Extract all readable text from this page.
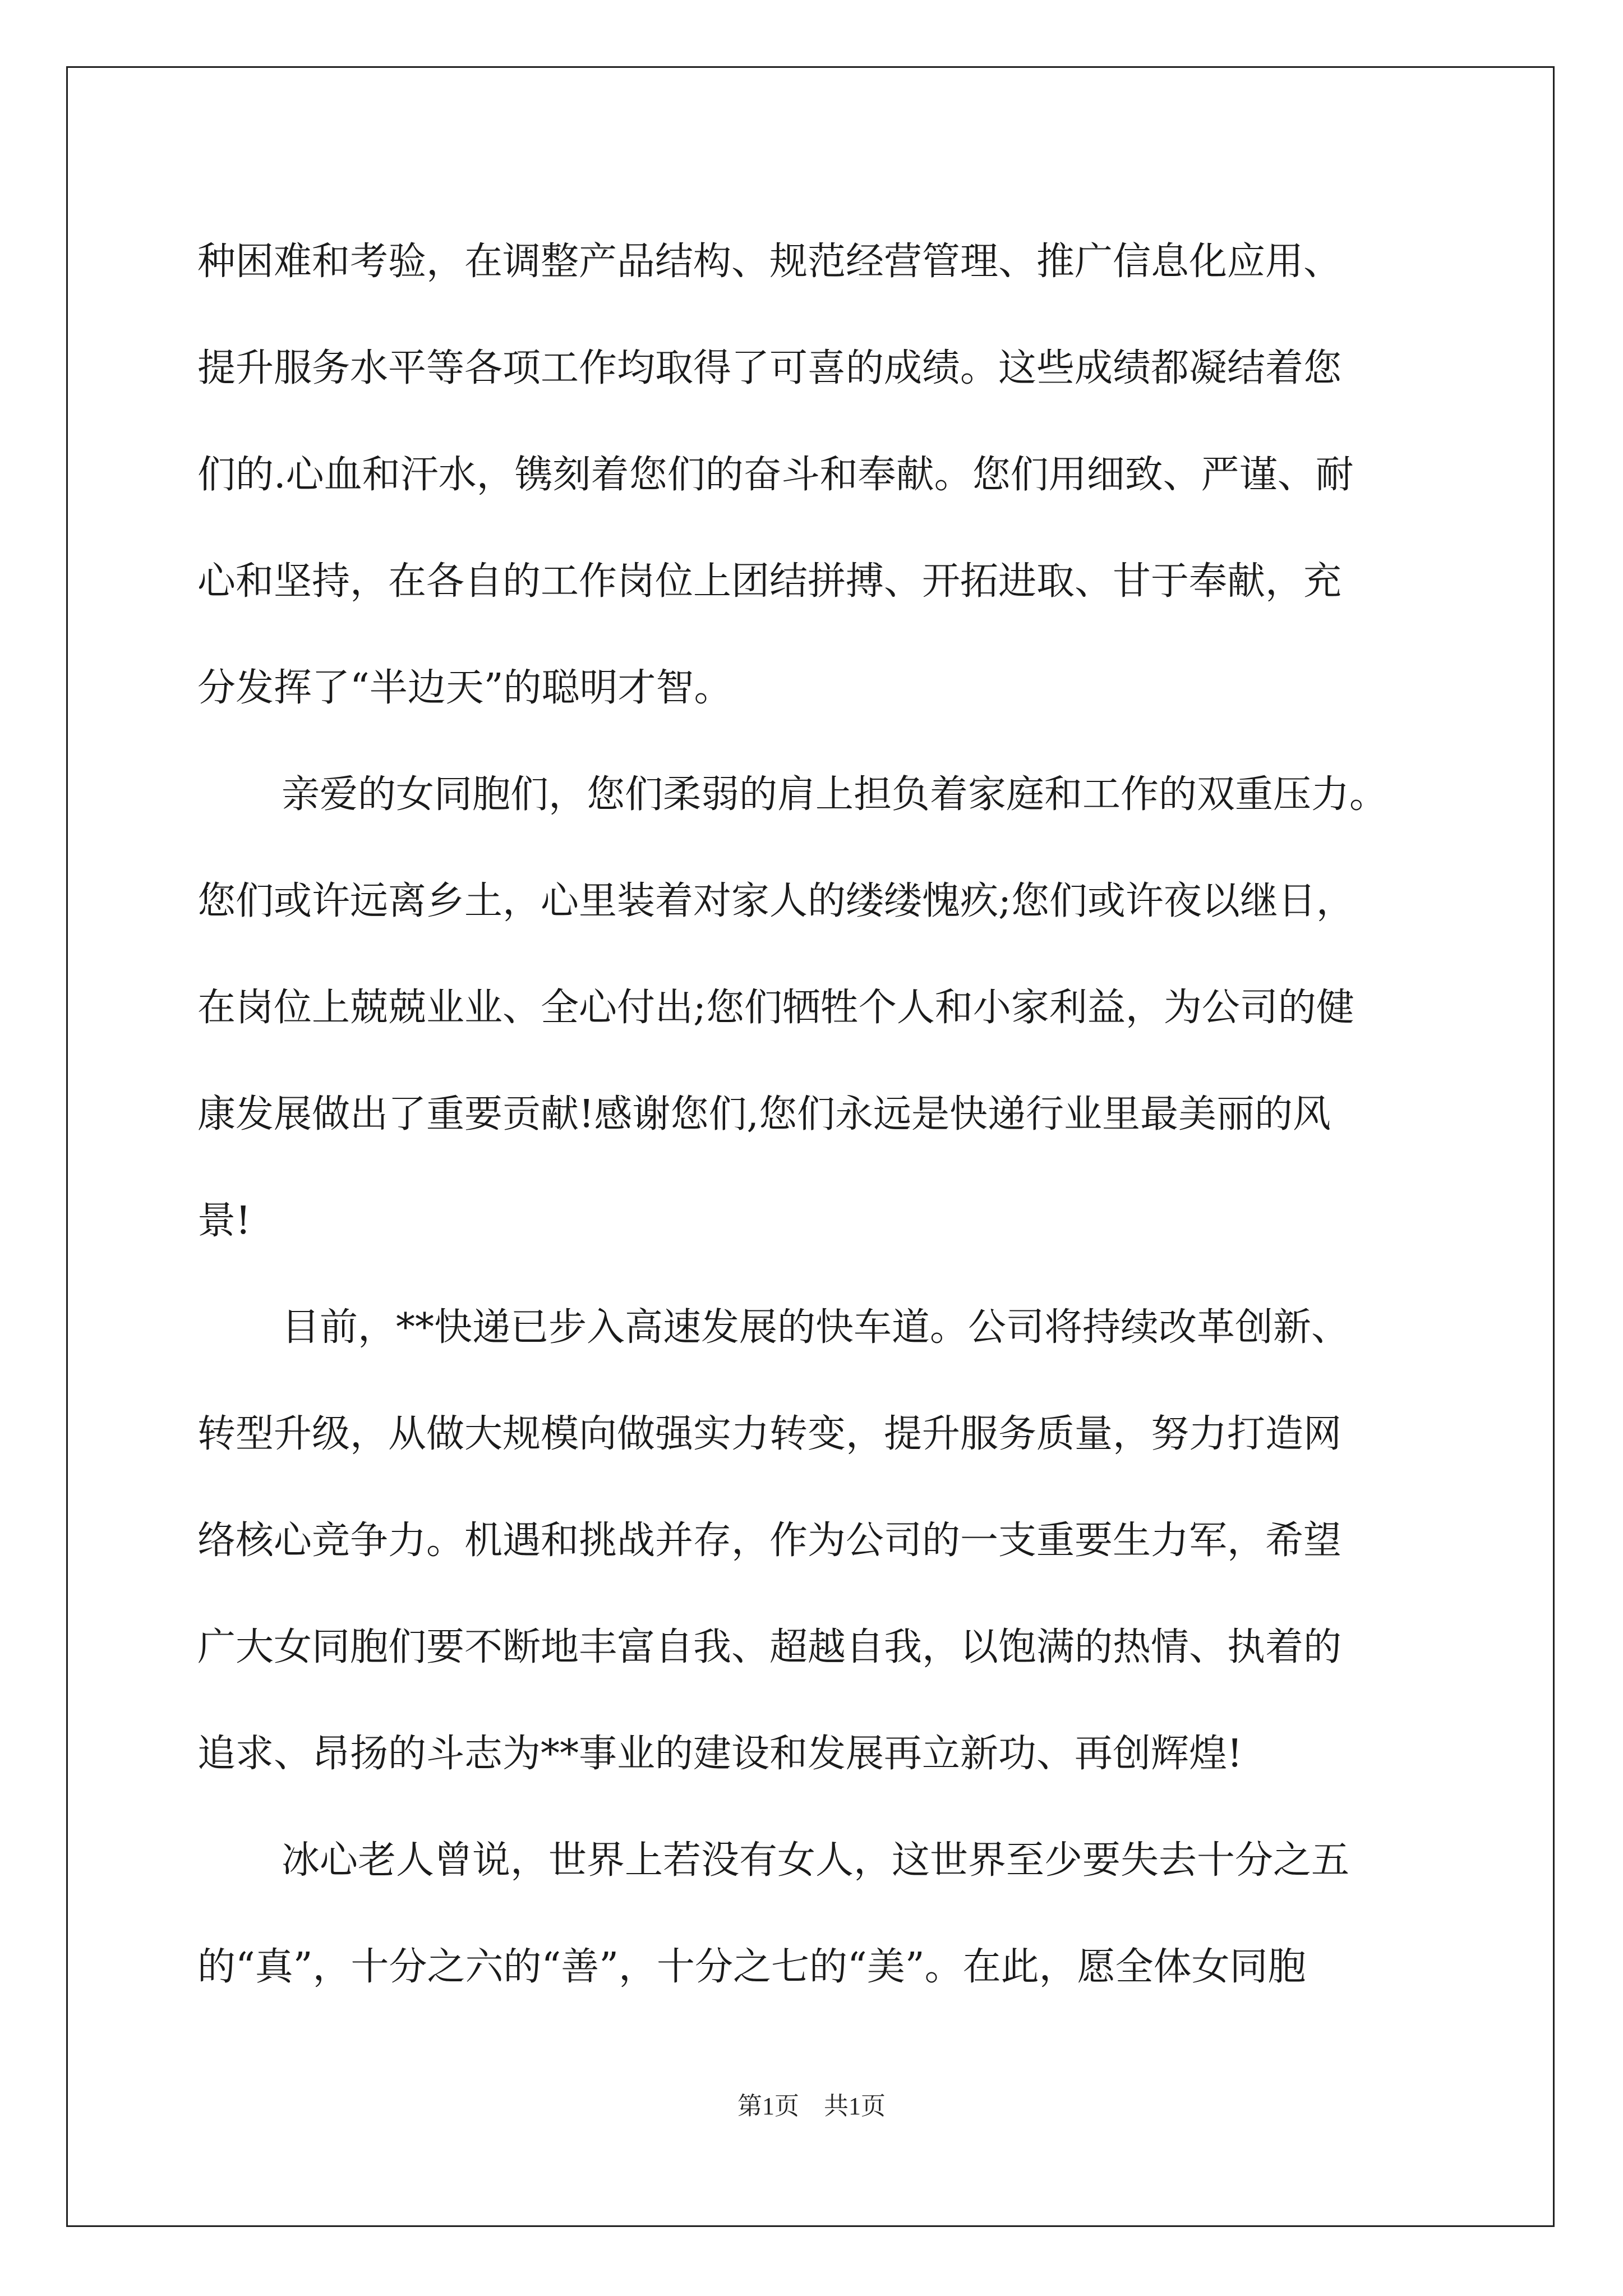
种困难和考验，在调整产品结构、规范经营管理、推广信息化应用、
提升服务水平等各项工作均取得了可喜的成绩。这些成绩都凝结着您
们的.心血和汗水，镌刻着您们的奋斗和奉献。您们用细致、严谨、耐
心和坚持，在各自的工作岗位上团结拼搏、开拓进取、甘于奉献，充
分发挥了“半边天”的聪明才智。
亲爱的女同胞们，您们柔弱的肩上担负着家庭和工作的双重压力。
您们或许远离乡土，心里装着对家人的缕缕愧疚;您们或许夜以继日，
在岗位上兢兢业业、全心付出;您们牺牲个人和小家利益，为公司的健
康发展做出了重要贡献!感谢您们,您们永远是快递行业里最美丽的风
景!
目前，**快递已步入高速发展的快车道。公司将持续改革创新、
转型升级，从做大规模向做强实力转变，提升服务质量，努力打造网
络核心竞争力。机遇和挑战并存，作为公司的一支重要生力军，希望
广大女同胞们要不断地丰富自我、超越自我，以饱满的热情、执着的
追求、昂扬的斗志为**事业的建设和发展再立新功、再创辉煌!
冰心老人曾说，世界上若没有女人，这世界至少要失去十分之五
的“真”，十分之六的“善”，十分之七的“美”。在此，愿全体女同胞
第1页　共1页
